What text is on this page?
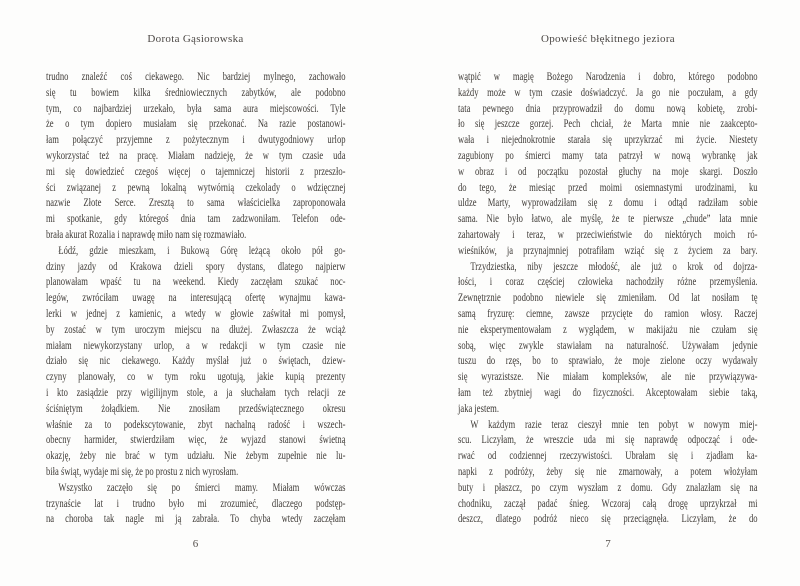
Dorota Gąsiorowska
trudno znaleźć coś ciekawego. Nic bardziej mylnego, zachowało
się tu bowiem kilka średniowiecznych zabytków, ale podobno
tym, co najbardziej urzekało, była sama aura miejscowości. Tyle
że o tym dopiero musiałam się przekonać. Na razie postanowi-
łam połączyć przyjemne z pożytecznym i dwutygodniowy urlop
wykorzystać też na pracę. Miałam nadzieję, że w tym czasie uda
mi się dowiedzieć czegoś więcej o tajemniczej historii z przeszło-
ści związanej z pewną lokalną wytwórnią czekolady o wdzięcznej
nazwie Złote Serce. Zresztą to sama właścicielka zaproponowała
mi spotkanie, gdy któregoś dnia tam zadzwoniłam. Telefon ode-
brała akurat Rozalia i naprawdę miło nam się rozmawiało.
Łódź, gdzie mieszkam, i Bukową Górę leżącą około pół go-
dziny jazdy od Krakowa dzieli spory dystans, dlatego najpierw
planowałam wpaść tu na weekend. Kiedy zaczęłam szukać noc-
legów, zwróciłam uwagę na interesującą ofertę wynajmu kawa-
lerki w jednej z kamienic, a wtedy w głowie zaświtał mi pomysł,
by zostać w tym uroczym miejscu na dłużej. Zwłaszcza że wciąż
miałam niewykorzystany urlop, a w redakcji w tym czasie nie
działo się nic ciekawego. Każdy myślał już o świętach, dziew-
czyny planowały, co w tym roku ugotują, jakie kupią prezenty
i kto zasiądzie przy wigilijnym stole, a ja słuchałam tych relacji ze
ściśniętym żołądkiem. Nie znosiłam przedświątecznego okresu
właśnie za to podekscytowanie, zbyt nachalną radość i wszech-
obecny harmider, stwierdziłam więc, że wyjazd stanowi świetną
okazję, żeby nie brać w tym udziału. Nie żebym zupełnie nie lu-
biła świąt, wydaje mi się, że po prostu z nich wyrosłam.
Wszystko zaczęło się po śmierci mamy. Miałam wówczas
trzynaście lat i trudno było mi zrozumieć, dlaczego podstęp-
na choroba tak nagle mi ją zabrała. To chyba wtedy zaczęłam
6
Opowieść błękitnego jeziora
wątpić w magię Bożego Narodzenia i dobro, którego podobno
każdy może w tym czasie doświadczyć. Ja go nie poczułam, a gdy
tata pewnego dnia przyprowadził do domu nową kobietę, zrobi-
ło się jeszcze gorzej. Pech chciał, że Marta mnie nie zaakcepto-
wała i niejednokrotnie starała się uprzykrzać mi życie. Niestety
zagubiony po śmierci mamy tata patrzył w nową wybrankę jak
w obraz i od początku pozostał głuchy na moje skargi. Doszło
do tego, że miesiąc przed moimi osiemnastymi urodzinami, ku
uldze Marty, wyprowadziłam się z domu i odtąd radziłam sobie
sama. Nie było łatwo, ale myślę, że te pierwsze „chude” lata mnie
zahartowały i teraz, w przeciwieństwie do niektórych moich ró-
wieśników, ja przynajmniej potrafiłam wziąć się z życiem za bary.
Trzydziestka, niby jeszcze młodość, ale już o krok od dojrza-
łości, i coraz częściej człowieka nachodziły różne przemyślenia.
Zewnętrznie podobno niewiele się zmieniłam. Od lat nosiłam tę
samą fryzurę: ciemne, zawsze przycięte do ramion włosy. Raczej
nie eksperymentowałam z wyglądem, w makijażu nie czułam się
sobą, więc zwykle stawiałam na naturalność. Używałam jedynie
tuszu do rzęs, bo to sprawiało, że moje zielone oczy wydawały
się wyrazistsze. Nie miałam kompleksów, ale nie przywiązywa-
łam też zbytniej wagi do fizyczności. Akceptowałam siebie taką,
jaka jestem.
W każdym razie teraz cieszył mnie ten pobyt w nowym miej-
scu. Liczyłam, że wreszcie uda mi się naprawdę odpocząć i ode-
rwać od codziennej rzeczywistości. Ubrałam się i zjadłam ka-
napki z podróży, żeby się nie zmarnowały, a potem włożyłam
buty i płaszcz, po czym wyszłam z domu. Gdy znalazłam się na
chodniku, zaczął padać śnieg. Wczoraj całą drogę uprzykrzał mi
deszcz, dlatego podróż nieco się przeciągnęła. Liczyłam, że do
7
